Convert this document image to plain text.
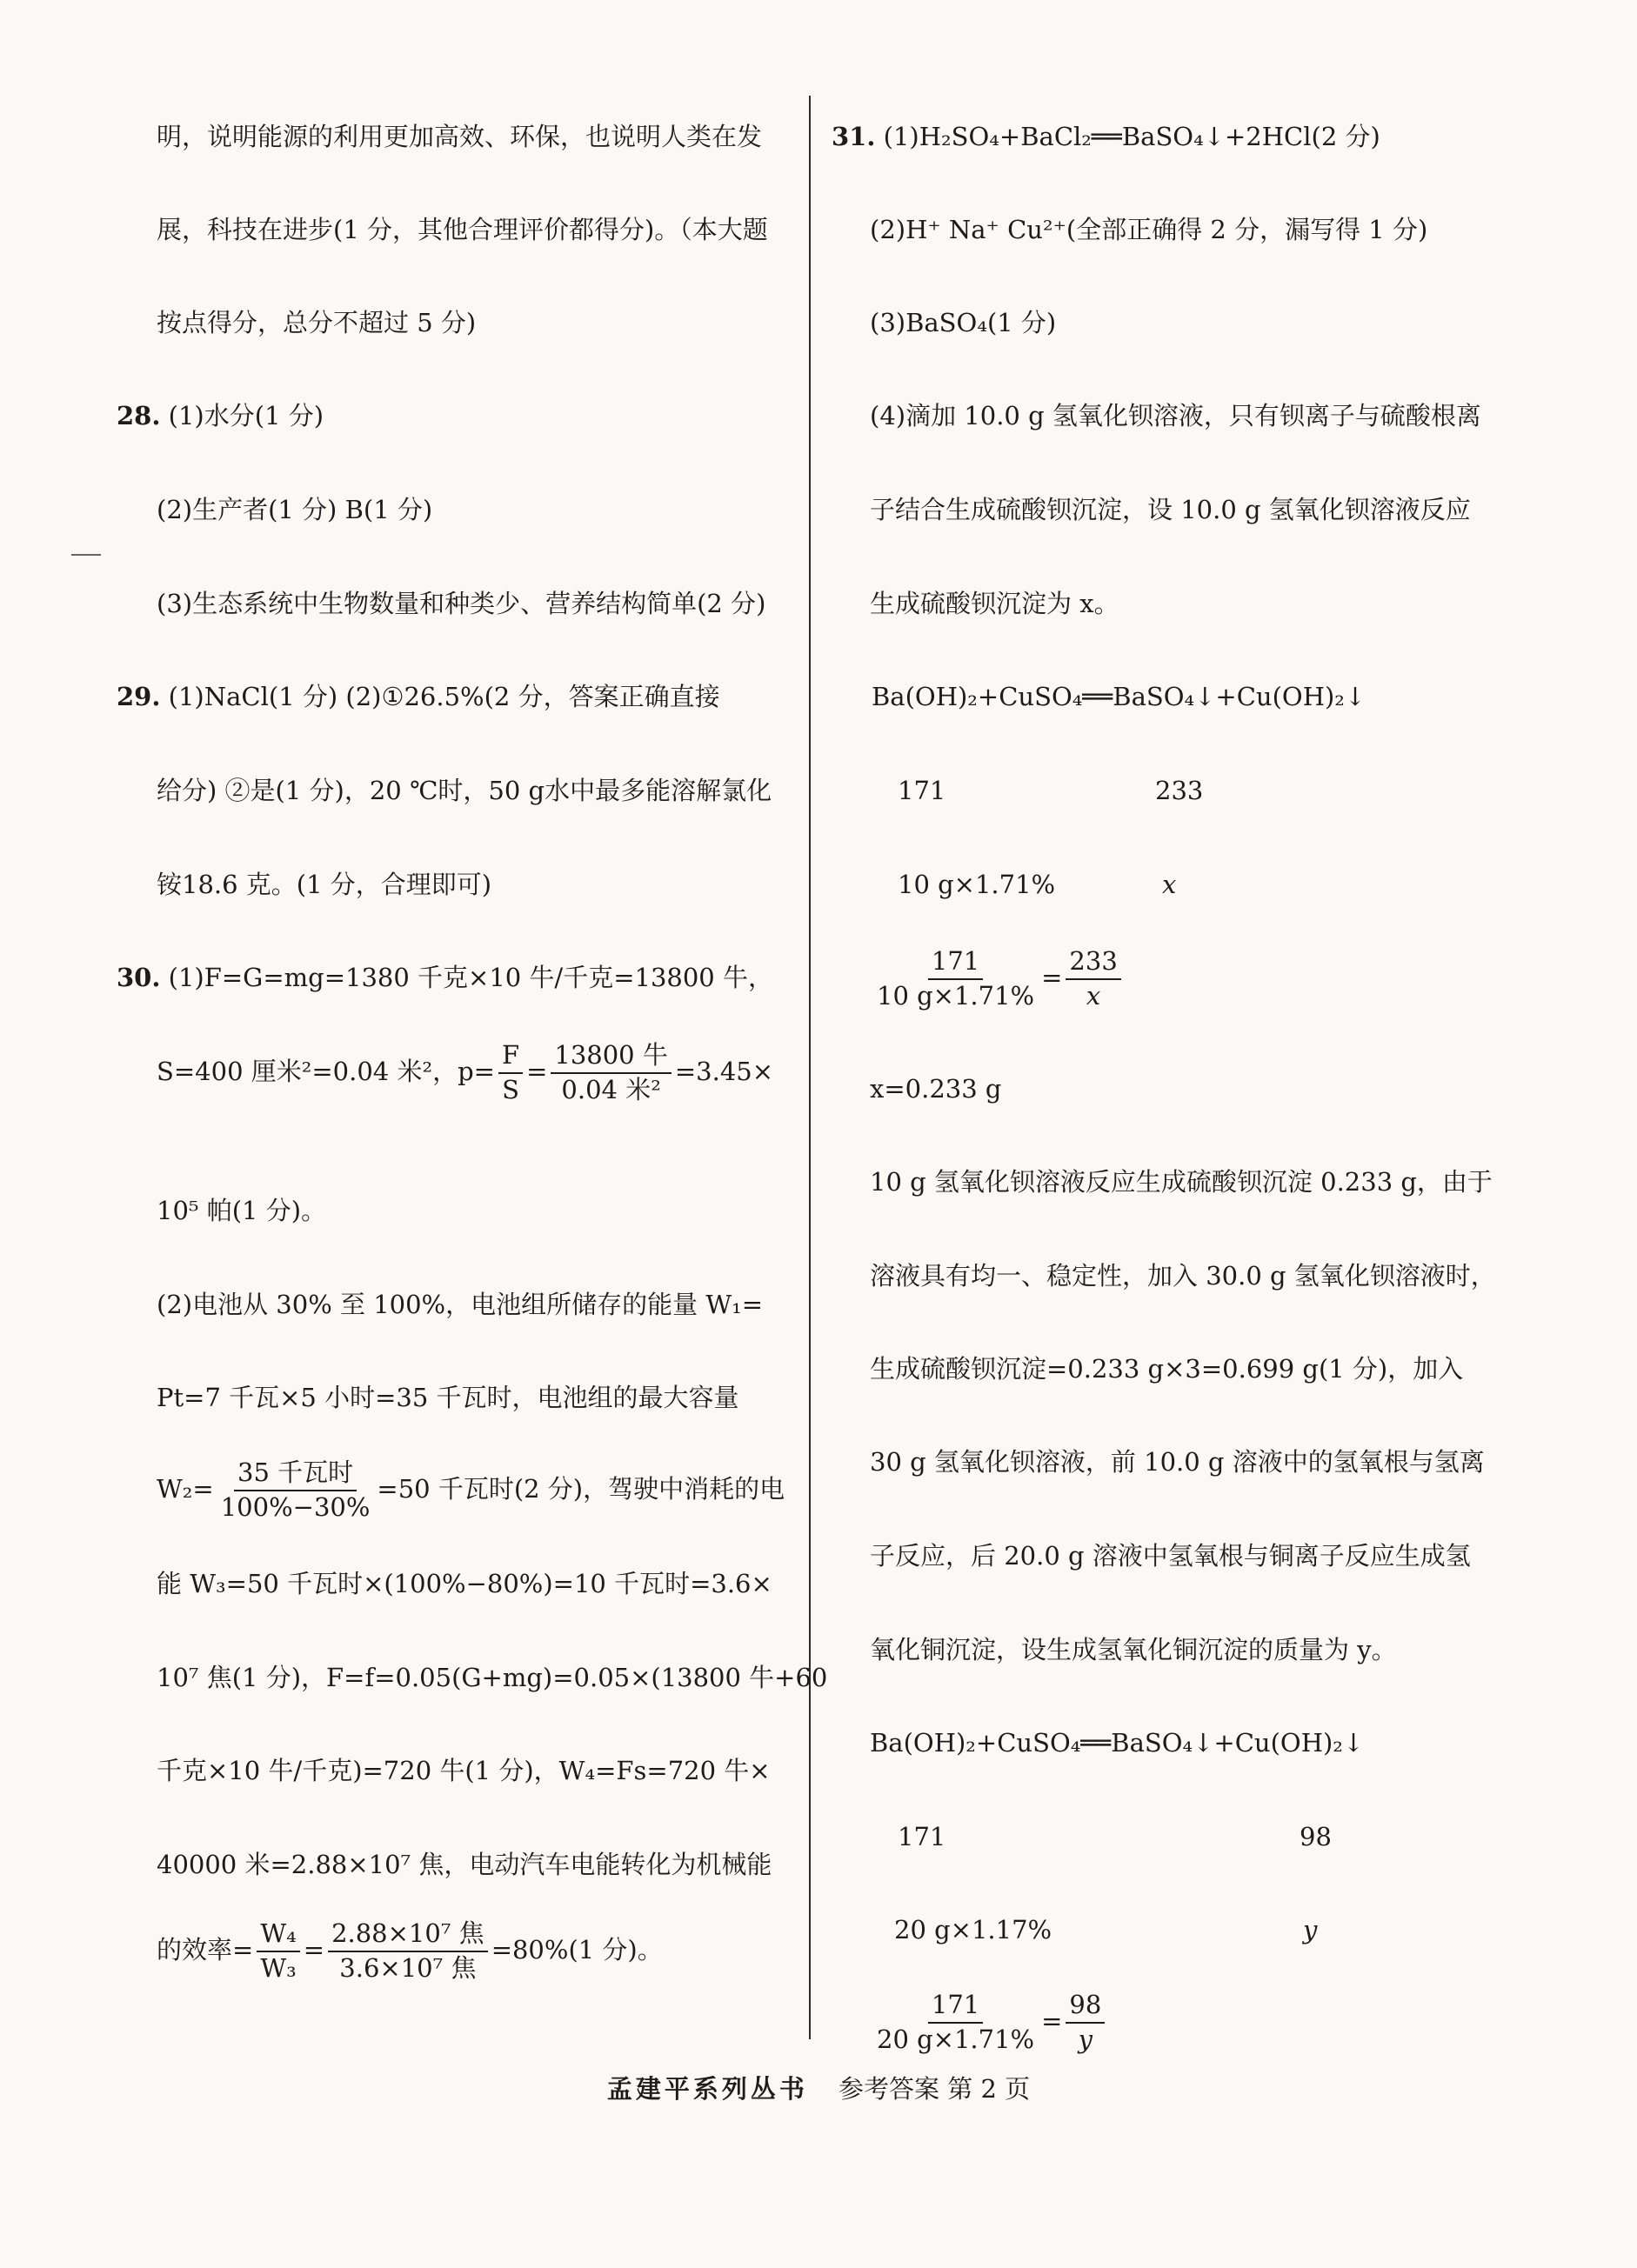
明，说明能源的利用更加高效、环保，也说明人类在发
展，科技在进步(1 分，其他合理评价都得分)。（本大题
按点得分，总分不超过 5 分)
28. (1)水分(1 分)
(2)生产者(1 分) B(1 分)
(3)生态系统中生物数量和种类少、营养结构简单(2 分)
29. (1)NaCl(1 分) (2)①26.5%(2 分，答案正确直接
给分) ②是(1 分)，20 ℃时，50 g水中最多能溶解氯化
铵18.6 克。(1 分，合理即可)
30. (1)F=G=mg=1380 千克×10 牛/千克=13800 牛，
S=400 厘米²=0.04 米²，$p= \frac{F}{S} = \frac{\text{13800 牛}}{\text{0.04 米²}} =3.45\times$
10⁵ 帕(1 分)。
(2)电池从 30% 至 100%，电池组所储存的能量 W₁=
Pt=7 千瓦×5 小时=35 千瓦时，电池组的最大容量
$W_2= \frac{\text{35 千瓦时}}{100\%-30\%} =50$ 千瓦时(2 分)，驾驶中消耗的电
能 W₃=50 千瓦时×(100%−80%)=10 千瓦时=3.6×
10⁷ 焦(1 分)，F=f=0.05(G+mg)=0.05×(13800 牛+60
千克×10 牛/千克)=720 牛(1 分)，W₄=Fs=720 牛×
40000 米=2.88×10⁷ 焦，电动汽车电能转化为机械能
的效率= $\frac{\text{W₄}}{\text{W₃}} = \frac{\text{2.88×10⁷ 焦}}{\text{3.6×10⁷ 焦}} =80\%(1$ 分)。
31. (1)H₂SO₄+BaCl₂══BaSO₄↓+2HCl(2 分)
(2)H⁺ Na⁺ Cu²⁺(全部正确得 2 分，漏写得 1 分)
(3)BaSO₄(1 分)
(4)滴加 10.0 g 氢氧化钡溶液，只有钡离子与硫酸根离
子结合生成硫酸钡沉淀，设 10.0 g 氢氧化钡溶液反应
生成硫酸钡沉淀为 x。
Ba(OH)₂+CuSO₄══BaSO₄↓+Cu(OH)₂↓
171	233
10 g×1.71%	x
$\frac{171}{10 g\times 1.71\%} = \frac{233}{x}$
x=0.233 g
10 g 氢氧化钡溶液反应生成硫酸钡沉淀 0.233 g，由于
溶液具有均一、稳定性，加入 30.0 g 氢氧化钡溶液时，
生成硫酸钡沉淀=0.233 g×3=0.699 g(1 分)，加入
30 g 氢氧化钡溶液，前 10.0 g 溶液中的氢氧根与氢离
子反应，后 20.0 g 溶液中氢氧根与铜离子反应生成氢
氧化铜沉淀，设生成氢氧化铜沉淀的质量为 y。
Ba(OH)₂+CuSO₄══BaSO₄↓+Cu(OH)₂↓
171	98
20 g×1.17%	y
$\frac{171}{20 g\times 1.71\%} = \frac{98}{y}$
孟建平系列丛书 参考答案 第 2 页
